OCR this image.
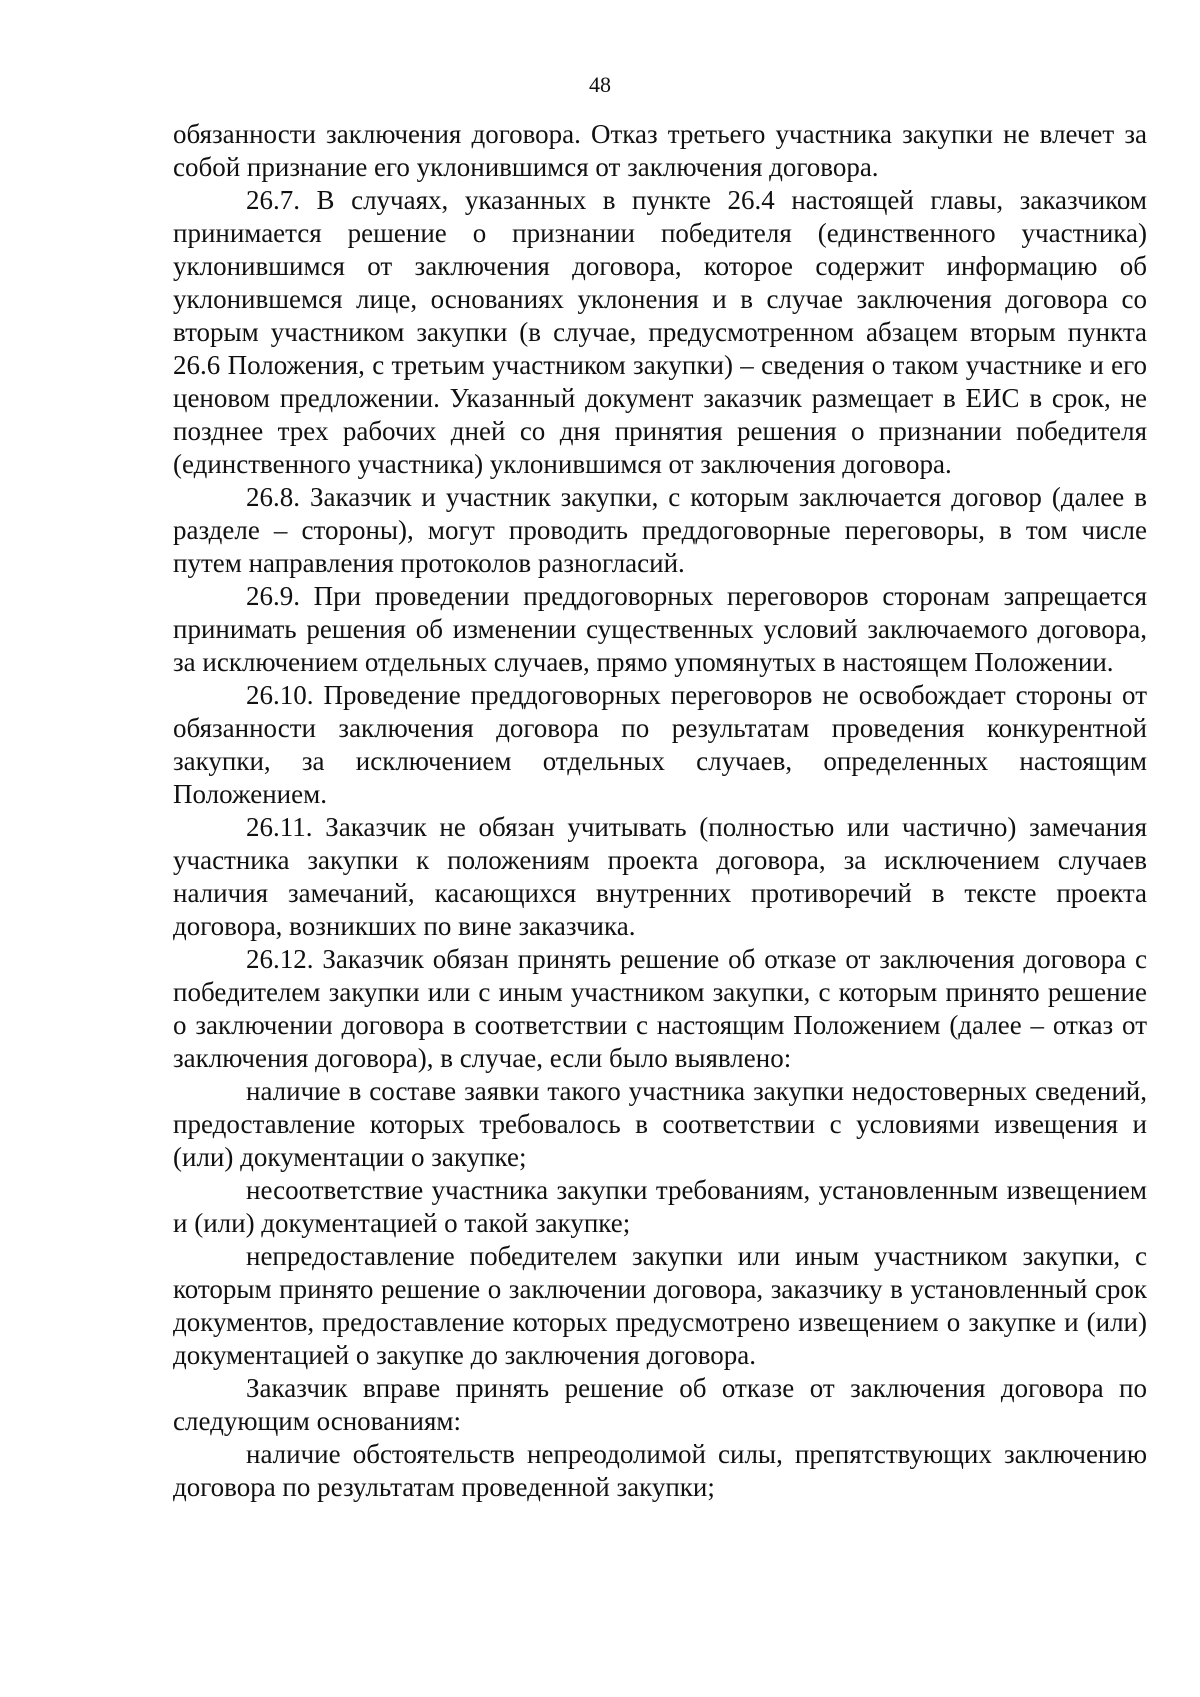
48

обязанности заключения договора. Отказ третьего участника закупки не влечет за собой признание его уклонившимся от заключения договора.

26.7. В случаях, указанных в пункте 26.4 настоящей главы, заказчиком принимается решение о признании победителя (единственного участника) уклонившимся от заключения договора, которое содержит информацию об уклонившемся лице, основаниях уклонения и в случае заключения договора со вторым участником закупки (в случае, предусмотренном абзацем вторым пункта 26.6 Положения, с третьим участником закупки) – сведения о таком участнике и его ценовом предложении. Указанный документ заказчик размещает в ЕИС в срок, не позднее трех рабочих дней со дня принятия решения о признании победителя (единственного участника) уклонившимся от заключения договора.

26.8. Заказчик и участник закупки, с которым заключается договор (далее в разделе – стороны), могут проводить преддоговорные переговоры, в том числе путем направления протоколов разногласий.

26.9. При проведении преддоговорных переговоров сторонам запрещается принимать решения об изменении существенных условий заключаемого договора, за исключением отдельных случаев, прямо упомянутых в настоящем Положении.

26.10. Проведение преддоговорных переговоров не освобождает стороны от обязанности заключения договора по результатам проведения конкурентной закупки, за исключением отдельных случаев, определенных настоящим Положением.

26.11. Заказчик не обязан учитывать (полностью или частично) замечания участника закупки к положениям проекта договора, за исключением случаев наличия замечаний, касающихся внутренних противоречий в тексте проекта договора, возникших по вине заказчика.

26.12. Заказчик обязан принять решение об отказе от заключения договора с победителем закупки или с иным участником закупки, с которым принято решение о заключении договора в соответствии с настоящим Положением (далее – отказ от заключения договора), в случае, если было выявлено:

наличие в составе заявки такого участника закупки недостоверных сведений, предоставление которых требовалось в соответствии с условиями извещения и (или) документации о закупке;

несоответствие участника закупки требованиям, установленным извещением и (или) документацией о такой закупке;

непредоставление победителем закупки или иным участником закупки, с которым принято решение о заключении договора, заказчику в установленный срок документов, предоставление которых предусмотрено извещением о закупке и (или) документацией о закупке до заключения договора.

Заказчик вправе принять решение об отказе от заключения договора по следующим основаниям:

наличие обстоятельств непреодолимой силы, препятствующих заключению договора по результатам проведенной закупки;
